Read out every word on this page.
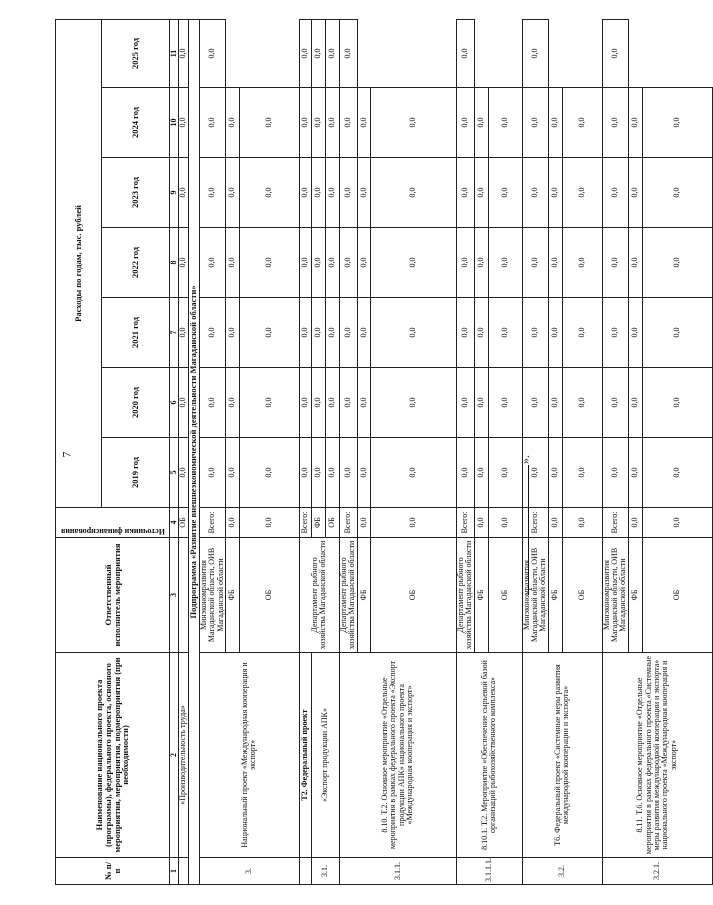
7
».
№ п/п	Наименование национального проекта (программы), федерального проекта, основного мероприятия, мероприятия, подмероприятия (при необходимости)	Ответственный исполнитель мероприятия	Источники финансирования	Расходы по годам, тыс. рублей						
				2019 год	2020 год	2021 год	2022 год	2023 год	2024 год	2025 год
1	2	3	4	5	6	7	8	9	10	11
	«Производительность труда»		ОБ	0,0	0,0	0,0	0,0	0,0	0,0	0,0
Подпрограмма «Развитие внешнеэкономической деятельности Магаданской области»										
3.	Национальный проект «Международная кооперация и экспорт»	Минэкономразвития Магаданской области, ОИВ Магаданской области	Всего:	0,0	0,0	0,0	0,0	0,0	0,0	0,0
		ФБ	0,0	0,0	0,0	0,0	0,0	0,0	0,0	
		ОБ	0,0	0,0	0,0	0,0	0,0	0,0	0,0	
	Т2. Федеральный проект	Департамент рыбного хозяйства Магаданской области	Всего:	0,0	0,0	0,0	0,0	0,0	0,0	0,0
3.1.	«Экспорт продукции АПК»		ФБ	0,0	0,0	0,0	0,0	0,0	0,0	0,0
			ОБ	0,0	0,0	0,0	0,0	0,0	0,0	0,0
3.1.1.	8.10. Т.2. Основное мероприятие «Отдельные мероприятия в рамках федерального проекта «Экспорт продукции АПК» национального проекта «Международная кооперация и экспорт»	Департамент рыбного хозяйства Магаданской области	Всего:	0,0	0,0	0,0	0,0	0,0	0,0	0,0
		ФБ	0,0	0,0	0,0	0,0	0,0	0,0	0,0	
		ОБ	0,0	0,0	0,0	0,0	0,0	0,0	0,0	
3.1.1.1.	8.10.1. Т.2. Мероприятие «Обеспечение сырьевой базой организаций рыбохозяйственного комплекса»	Департамент рыбного хозяйства Магаданской области	Всего:	0,0	0,0	0,0	0,0	0,0	0,0	0,0
		ФБ	0,0	0,0	0,0	0,0	0,0	0,0	0,0	
		ОБ	0,0	0,0	0,0	0,0	0,0	0,0	0,0	
3.2.	Т6. Федеральный проект «Системные меры развития международной кооперации и экспорта»	Минэкономразвития Магаданской области, ОИВ Магаданской области	Всего:	0,0	0,0	0,0	0,0	0,0	0,0	0,0
		ФБ	0,0	0,0	0,0	0,0	0,0	0,0	0,0	
		ОБ	0,0	0,0	0,0	0,0	0,0	0,0	0,0	
3.2.1.	8.11. Т.6. Основное мероприятие «Отдельные мероприятия в рамках федерального проекта «Системные меры развития международной кооперации и экспорта» национального проекта «Международная кооперация и экспорт»	Минэкономразвития Магаданской области, ОИВ Магаданской области	Всего:	0,0	0,0	0,0	0,0	0,0	0,0	0,0
		ФБ	0,0	0,0	0,0	0,0	0,0	0,0	0,0	
		ОБ	0,0	0,0	0,0	0,0	0,0	0,0	0,0	
